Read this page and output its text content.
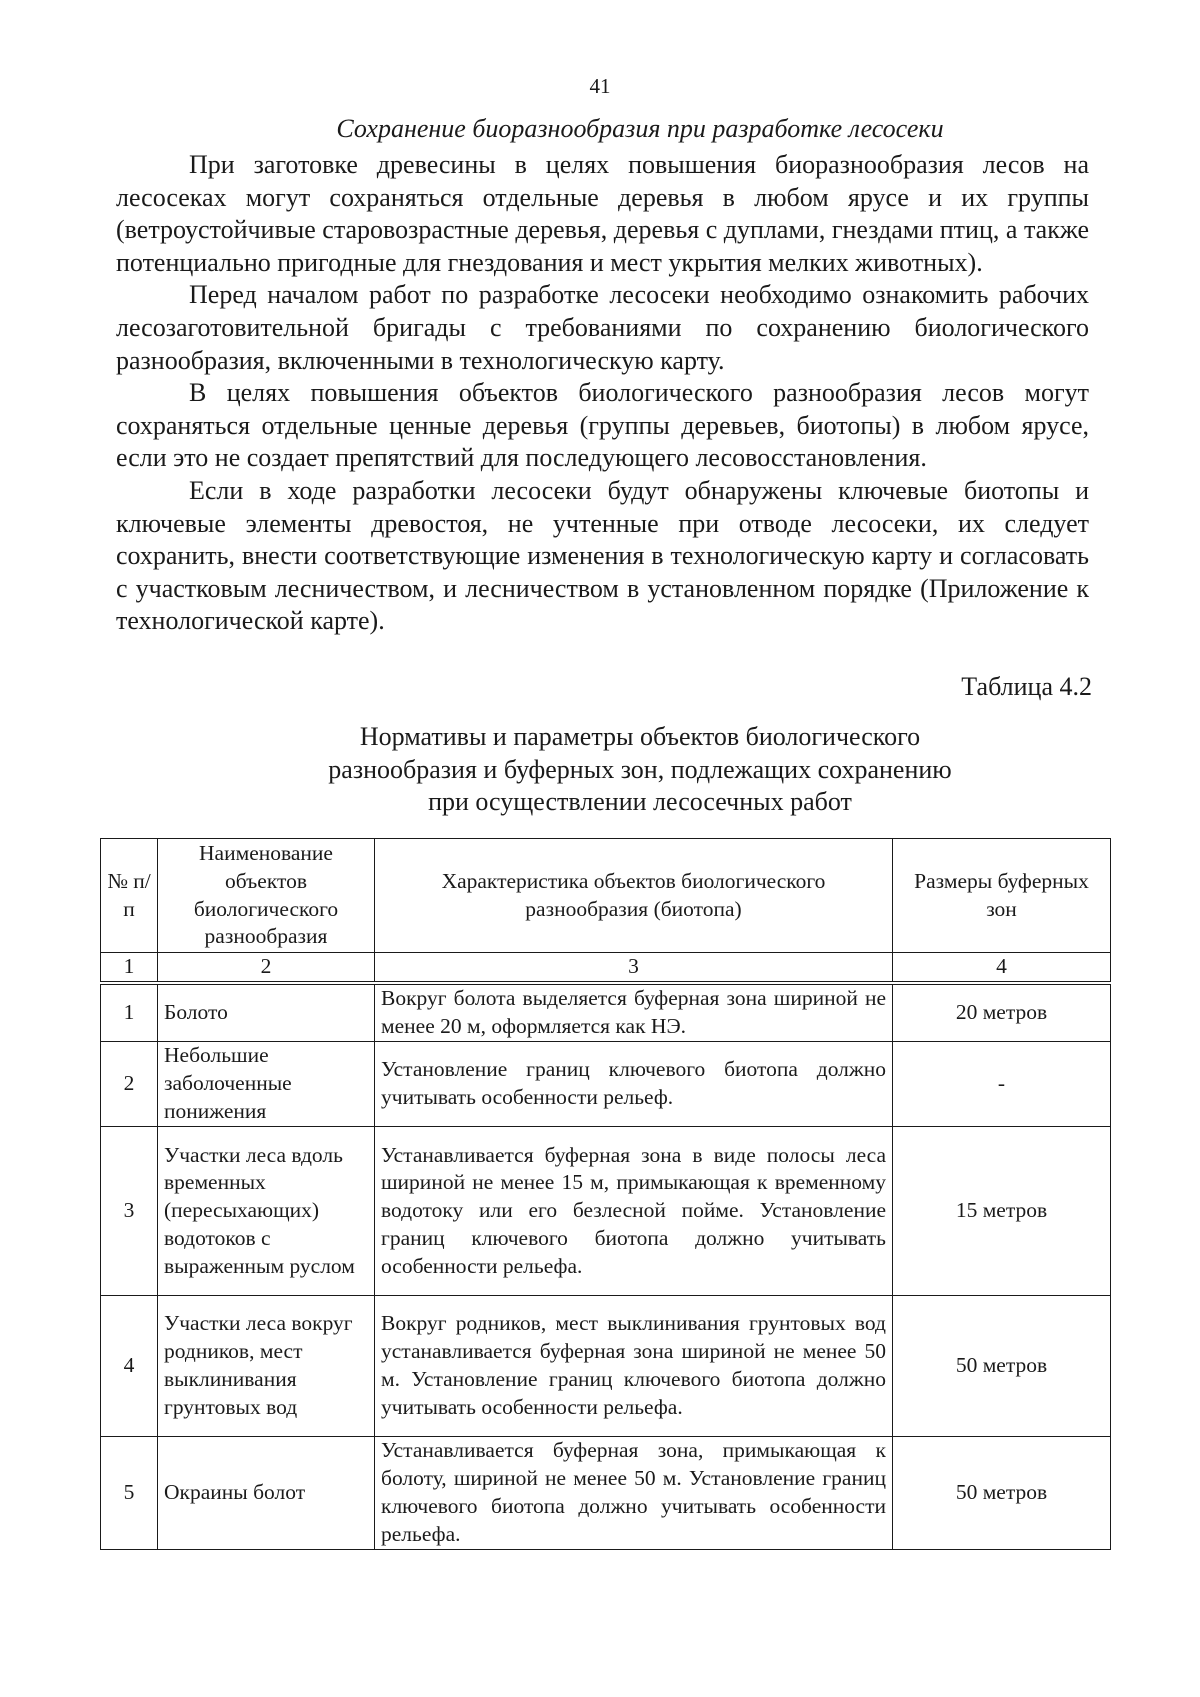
41
Сохранение биоразнообразия при разработке лесосеки

При заготовке древесины в целях повышения биоразнообразия лесов на лесосеках могут сохраняться отдельные деревья в любом ярусе и их группы (ветроустойчивые старовозрастные деревья, деревья с дуплами, гнездами птиц, а также потенциально пригодные для гнездования и мест укрытия мелких животных).

Перед началом работ по разработке лесосеки необходимо ознакомить рабочих лесозаготовительной бригады с требованиями по сохранению биологического разнообразия, включенными в технологическую карту.

В целях повышения объектов биологического разнообразия лесов могут сохраняться отдельные ценные деревья (группы деревьев, биотопы) в любом ярусе, если это не создает препятствий для последующего лесовосстановления.

Если в ходе разработки лесосеки будут обнаружены ключевые биотопы и ключевые элементы древостоя, не учтенные при отводе лесосеки, их следует сохранить, внести соответствующие изменения в технологическую карту и согласовать с участковым лесничеством, и лесничеством в установленном порядке (Приложение к технологической карте).

Таблица 4.2
Нормативы и параметры объектов биологического
разнообразия и буферных зон, подлежащих сохранению
при осуществлении лесосечных работ
№ п/п	Наименование объектов биологического разнообразия	Характеристика объектов биологического разнообразия (биотопа)	Размеры буферных зон
1	2	3	4
1	Болото	Вокруг болота выделяется буферная зона шириной не менее 20 м, оформляется как НЭ.	20 метров
2	Небольшие заболоченные понижения	Установление границ ключевого биотопа должно учитывать особенности рельеф.	-
3	Участки леса вдоль временных (пересыхающих) водотоков с выраженным руслом	Устанавливается буферная зона в виде полосы леса шириной не менее 15 м, примыкающая к временному водотоку или его безлесной пойме. Установление границ ключевого биотопа должно учитывать особенности рельефа.	15 метров
4	Участки леса вокруг родников, мест выклинивания грунтовых вод	Вокруг родников, мест выклинивания грунтовых вод устанавливается буферная зона шириной не менее 50 м. Установление границ ключевого биотопа должно учитывать особенности рельефа.	50 метров
5	Окраины болот	Устанавливается буферная зона, примыкающая к болоту, шириной не менее 50 м. Установление границ ключевого биотопа должно учитывать особенности рельефа.	50 метров
